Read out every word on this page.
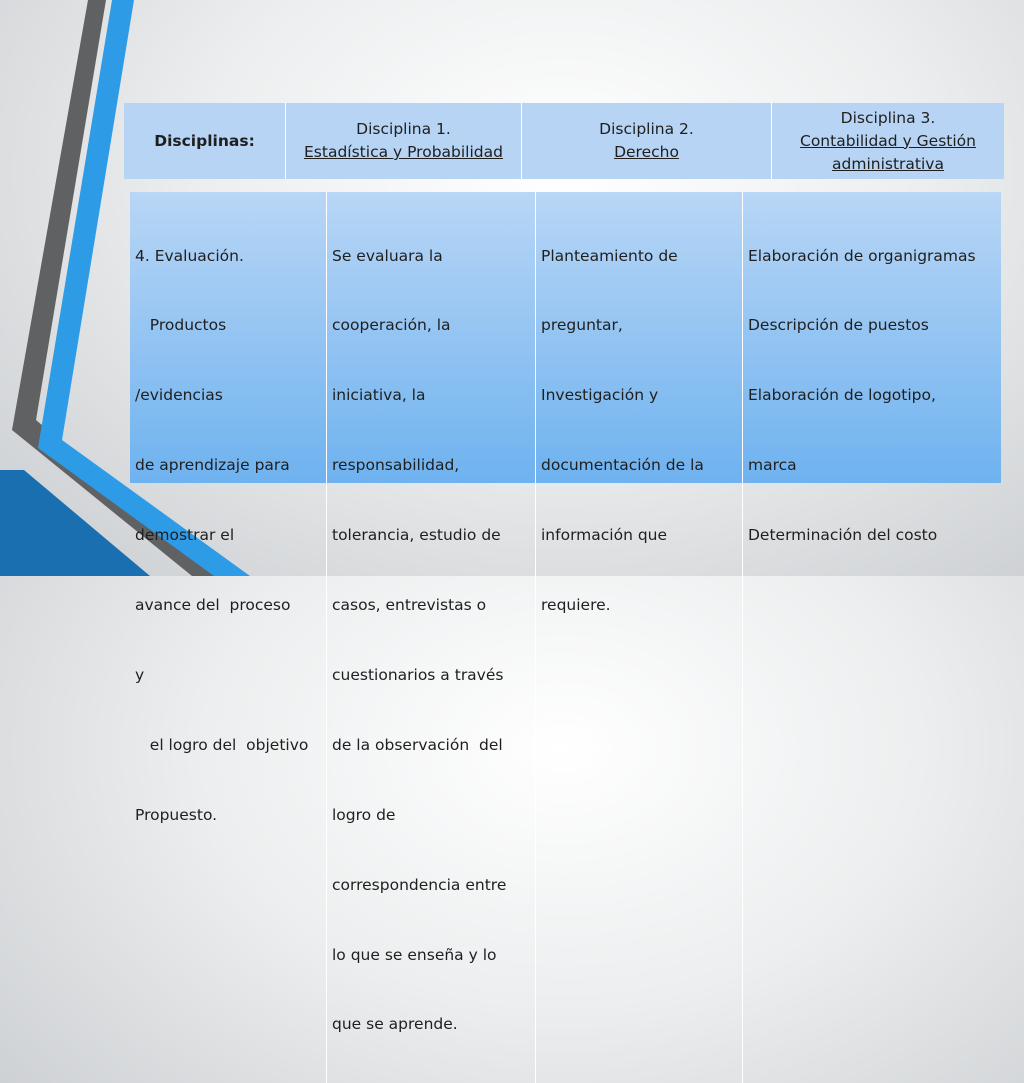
Disciplinas:
Disciplina 1.
Estadística y Probabilidad
Disciplina 2.
Derecho
Disciplina 3.
Contabilidad y Gestión
administrativa

4. Evaluación.

Productos

/evidencias

de aprendizaje para

demostrar el

avance del  proceso

y

el logro del  objetivo

Propuesto.

Se evaluara la

cooperación, la

iniciativa, la

responsabilidad,

tolerancia, estudio de

casos, entrevistas o

cuestionarios a través

de la observación  del

logro de

correspondencia entre

lo que se enseña y lo

que se aprende.

Planteamiento de

preguntar,

Investigación y

documentación de la

información que

requiere.

Elaboración de organigramas

Descripción de puestos

Elaboración de logotipo,

marca

Determinación del costo
